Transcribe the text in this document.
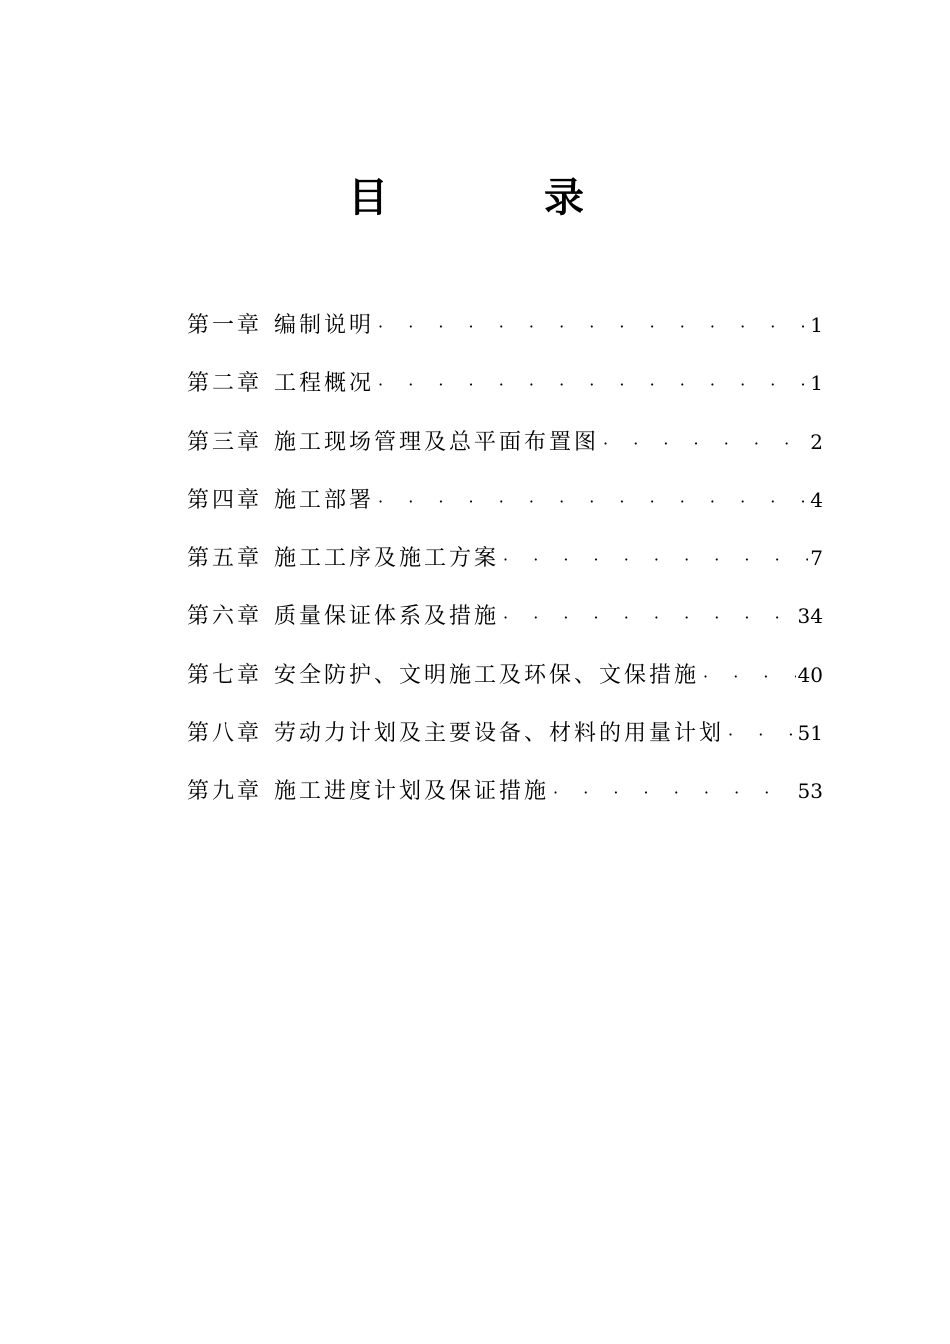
目　录
第一章 编制说明 · · ·	1
第二章 工程概况 · · ·	1
第三章 施工现场管理及总平面布置图 · · ·	2
第四章 施工部署 · · ·	4
第五章 施工工序及施工方案 · · ·	7
第六章 质量保证体系及措施 · · ·	34
第七章 安全防护、文明施工及环保、文保措施 · · ·	40
第八章 劳动力计划及主要设备、材料的用量计划 · · ·	51
第九章 施工进度计划及保证措施 · · ·	53
